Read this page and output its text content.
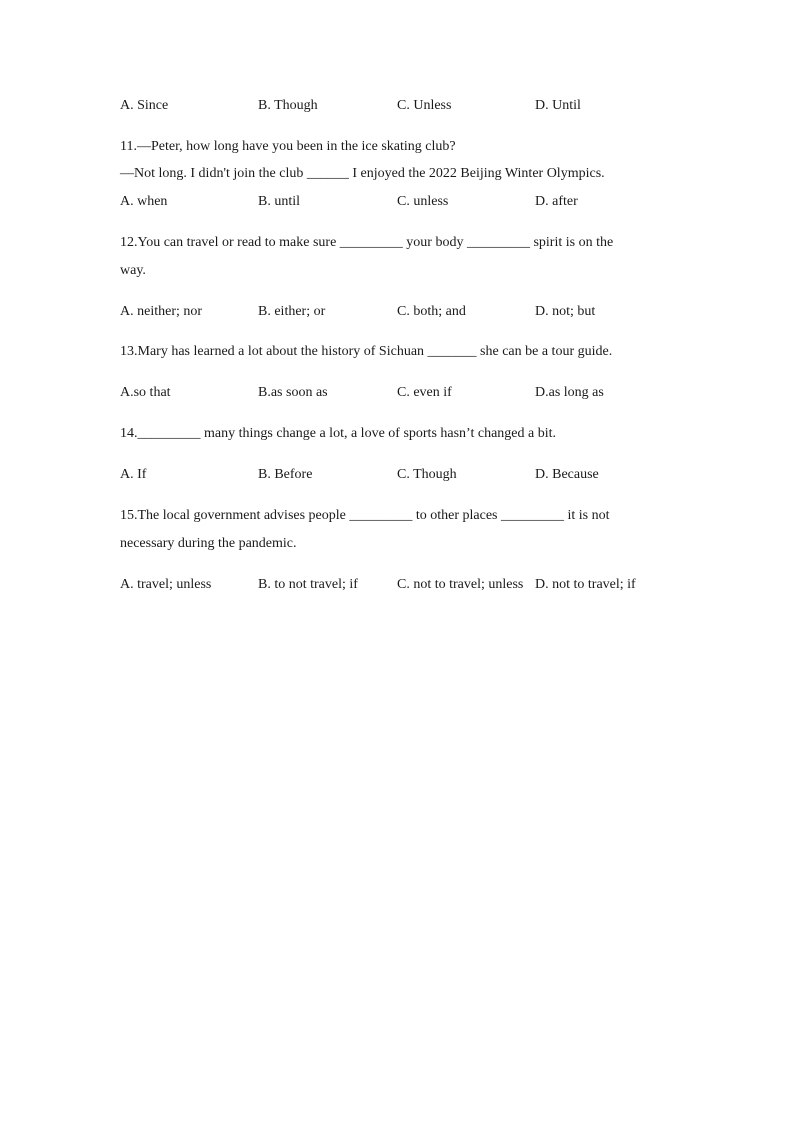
A. Since	B. Though	C. Unless	D. Until
11.—Peter, how long have you been in the ice skating club?
—Not long. I didn't join the club ______ I enjoyed the 2022 Beijing Winter Olympics.
A. when	B. until	C. unless	D. after
12.You can travel or read to make sure _________ your body _________ spirit is on the
way.
A. neither; nor	B. either; or	C. both; and	D. not; but
13.Mary has learned a lot about the history of Sichuan _______ she can be a tour guide.
A.so that	B.as soon as	C. even if	D.as long as
14._________ many things change a lot, a love of sports hasn’t changed a bit.
A. If	B. Before	C. Though	D. Because
15.The local government advises people _________ to other places _________ it is not
necessary during the pandemic.
A. travel; unless	B. to not travel; if	C. not to travel; unless D. not to travel; if
